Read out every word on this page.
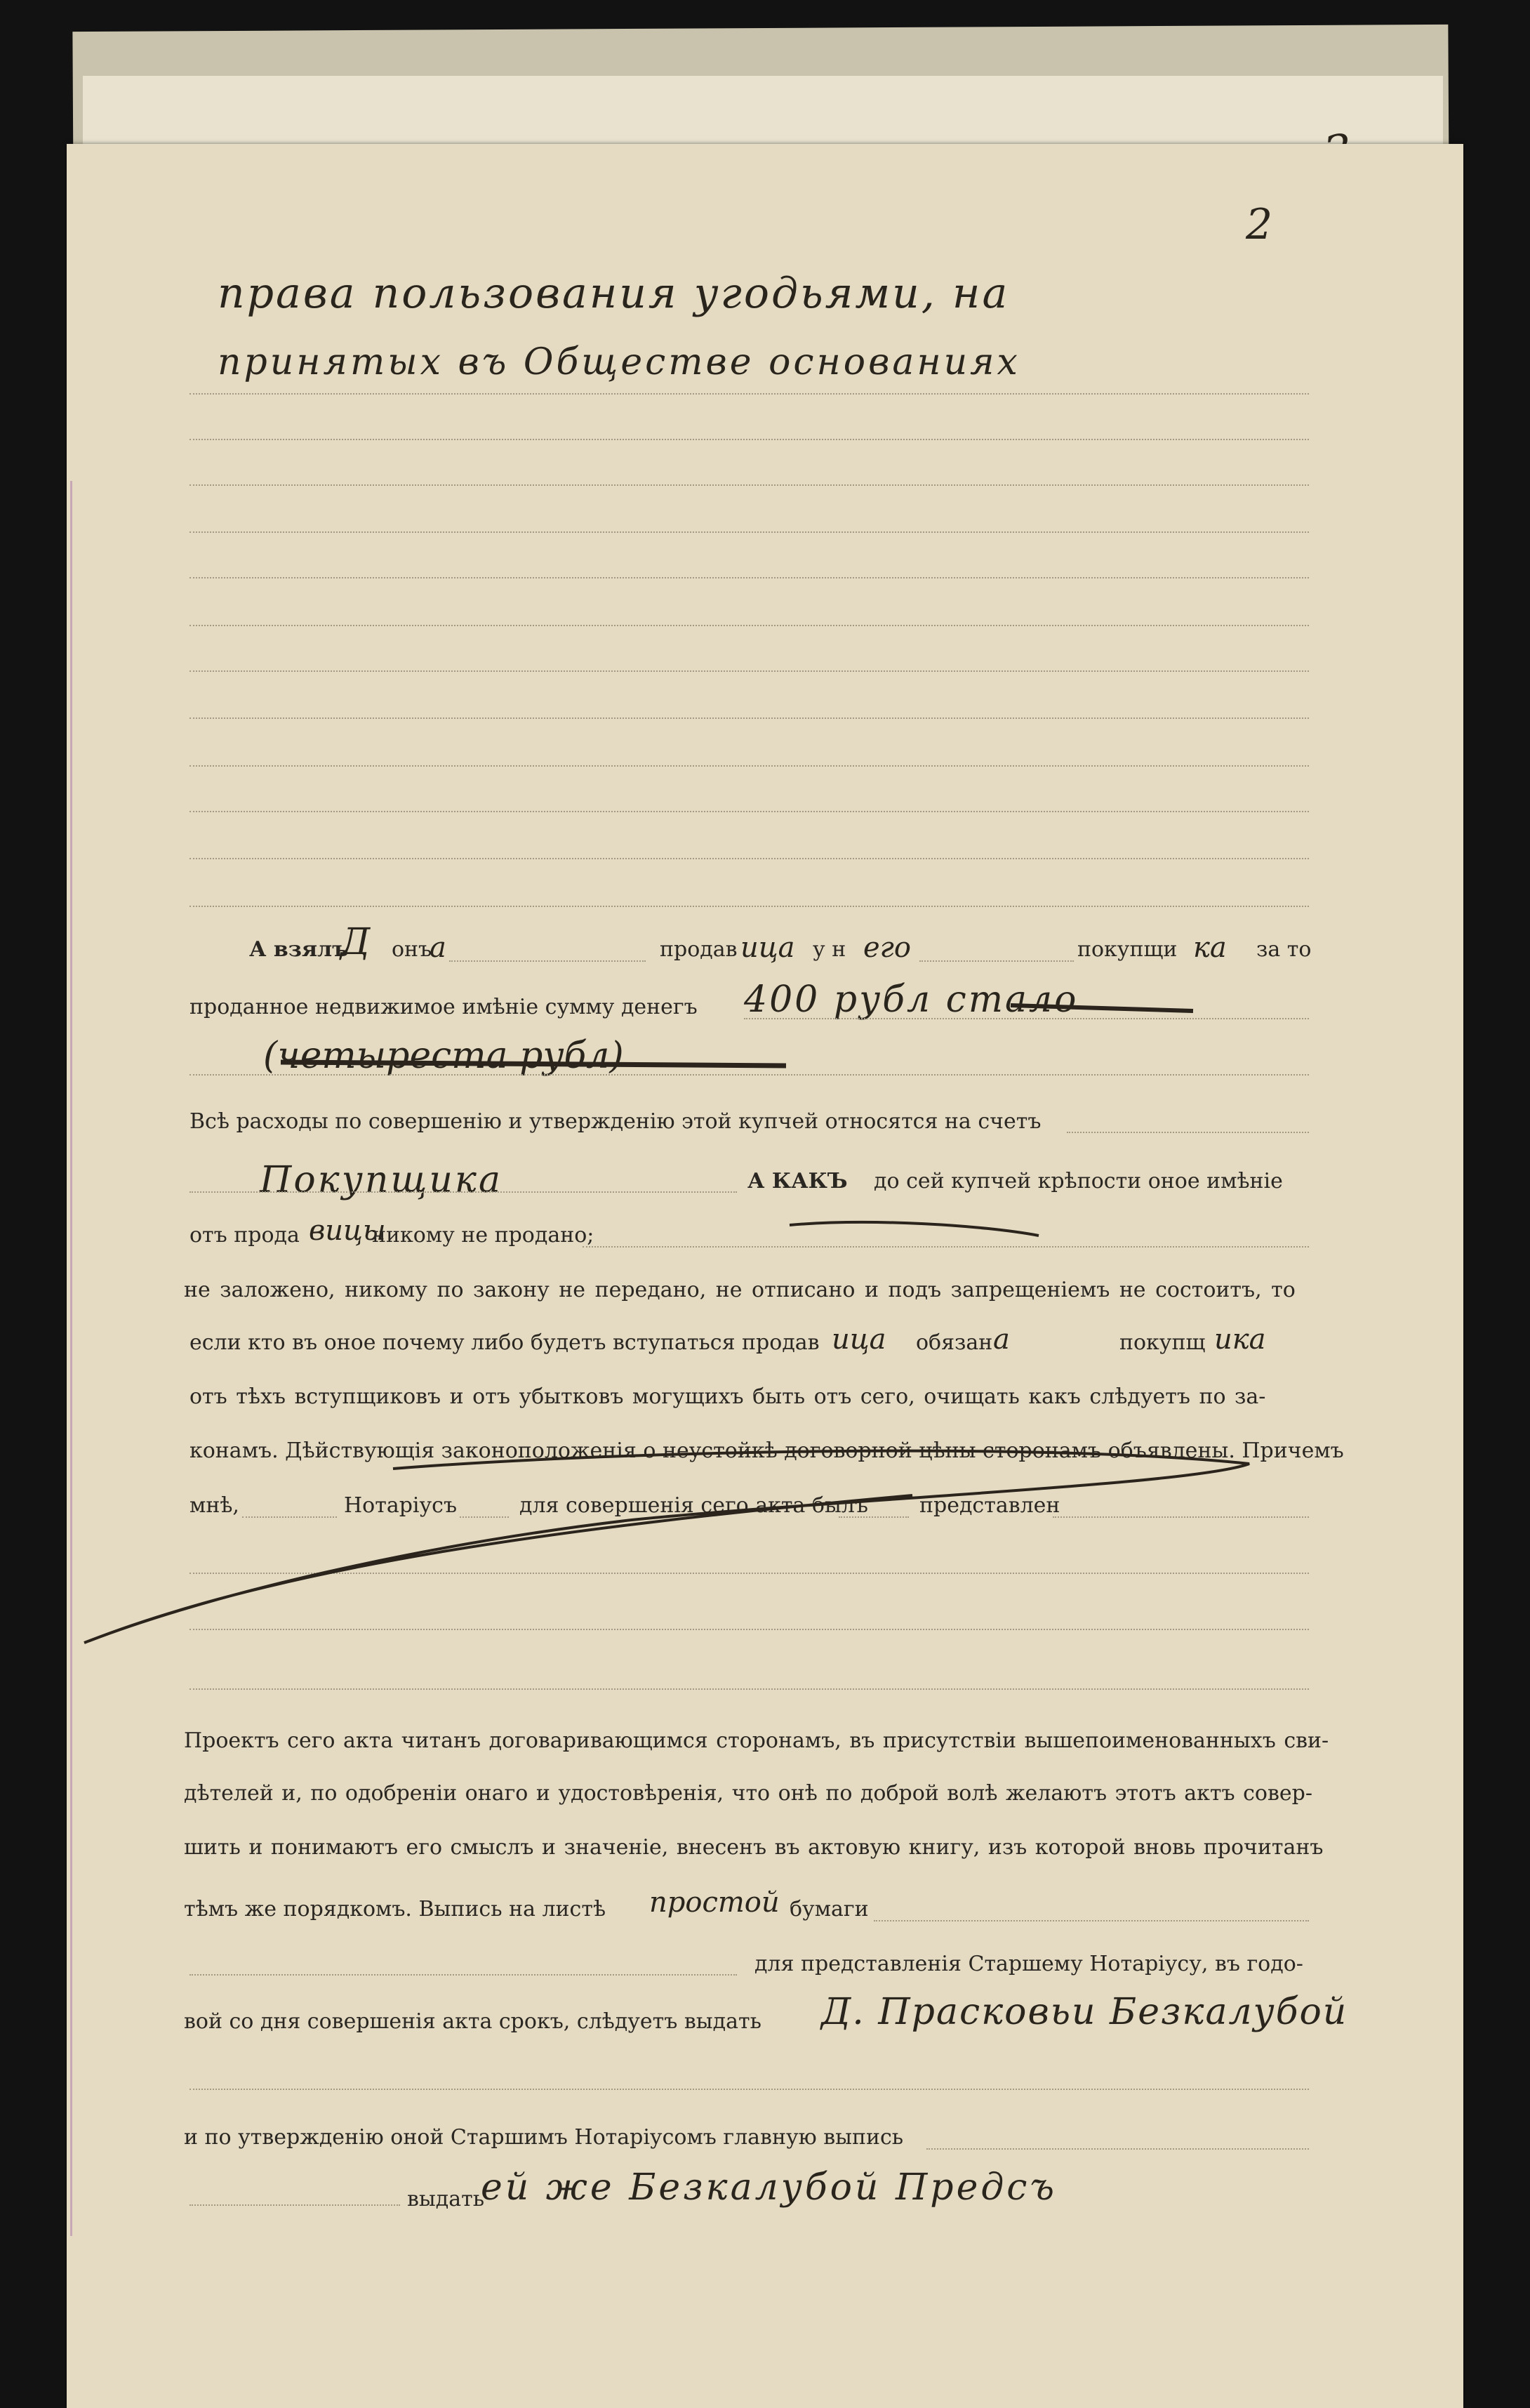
2
права пользования угодьями, на
принятых въ Обществе основаниях
А взялъ
Д онъ
а	продав ица у н его	покупщи ка за то
проданное недвижимое имѣніе сумму денегъ 400 рубл стало
(четыреста рубл)
Всѣ расходы по совершенію и утвержденію этой купчей относятся на счетъ
Покупщика	А КАКЪ до сей купчей крѣпости оное имѣніе
отъ прода вицы
никому не продано;
не заложено, никому по закону не передано, не отписано и подъ запрещеніемъ не состоитъ, то
если кто въ оное почему либо будетъ вступаться продав ица обязан а	покупщ ика
отъ тѣхъ вступщиковъ и отъ убытковъ могущихъ быть отъ сего, очищать какъ слѣдуетъ по за-
конамъ. Дѣйствующія законоположенія о неустойкѣ договорной цѣны сторонамъ объявлены. Причемъ
мнѣ,	Нотаріусъ	для совершенія сего акта былъ представлен
Проектъ сего акта читанъ договаривающимся сторонамъ, въ присутствіи вышепоименованныхъ сви-
дѣтелей и, по одобреніи онаго и удостовѣренія, что онѣ по доброй волѣ желаютъ этотъ актъ совер-
шить и понимаютъ его смыслъ и значеніе, внесенъ въ актовую книгу, изъ которой вновь прочитанъ
тѣмъ же порядкомъ. Выпись на листѣ простой бумаги
для представленія Старшему Нотаріусу, въ годо-
вой со дня совершенія акта срокъ, слѣдуетъ выдать Д. Прасковьи Безкалубой
и по утвержденію оной Старшимъ Нотаріусомъ главную выпись
выдать
ей же Безкалубой Предсъ
